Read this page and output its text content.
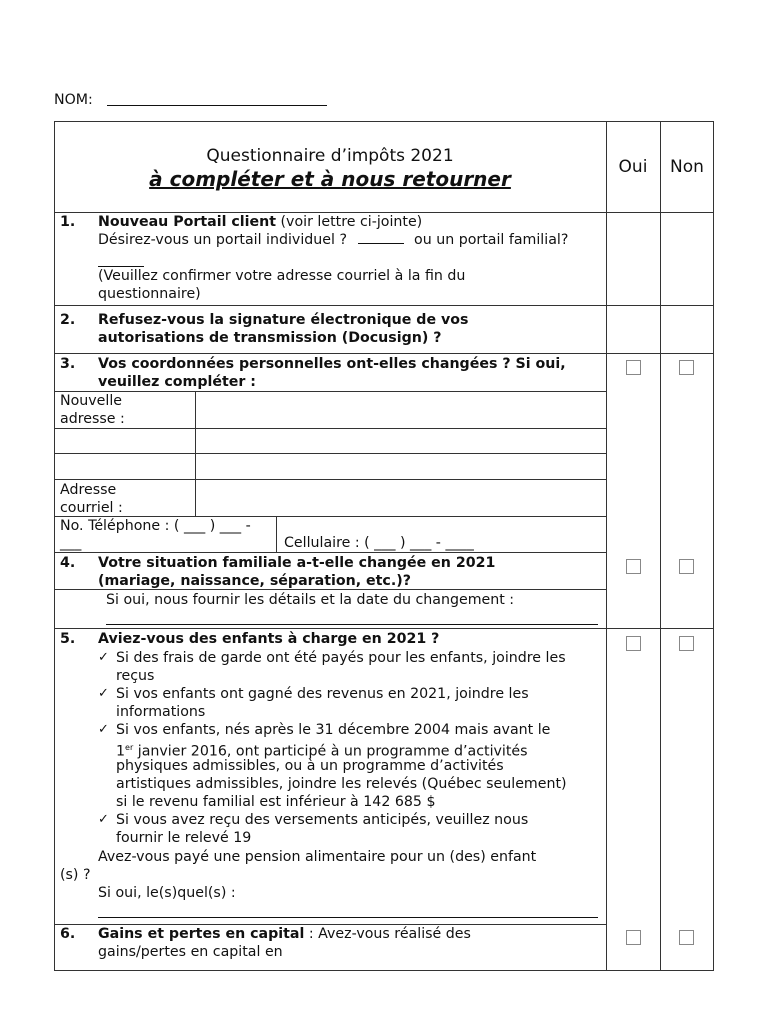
NOM:
Questionnaire d’impôts 2021
à compléter et à nous retourner	Oui	Non
1. Nouveau Portail client (voir lettre ci-jointe)
Désirez-vous un portail individuel ?	ou un portail familial?
(Veuillez confirmer votre adresse courriel à la fin du
questionnaire)
2. Refusez-vous la signature électronique de vos
autorisations de transmission (Docusign) ?
3. Vos coordonnées personnelles ont-elles changées ? Si oui,
veuillez compléter :
Nouvelle
adresse :
Adresse
courriel :
No. Téléphone : ( ___ ) ___ -
___	Cellulaire : ( ___ ) ___ - ____
4. Votre situation familiale a-t-elle changée en 2021
(mariage, naissance, séparation, etc.)?
Si oui, nous fournir les détails et la date du changement :
5. Aviez-vous des enfants à charge en 2021 ?
✓ Si des frais de garde ont été payés pour les enfants, joindre les
reçus
✓ Si vos enfants ont gagné des revenus en 2021, joindre les
informations
✓ Si vos enfants, nés après le 31 décembre 2004 mais avant le
1er janvier 2016, ont participé à un programme d’activités
physiques admissibles, ou à un programme d’activités
artistiques admissibles, joindre les relevés (Québec seulement)
si le revenu familial est inférieur à 142 685 $
✓ Si vous avez reçu des versements anticipés, veuillez nous
fournir le relevé 19
Avez-vous payé une pension alimentaire pour un (des) enfant
(s) ?
Si oui, le(s)quel(s) :
6. Gains et pertes en capital : Avez-vous réalisé des
gains/pertes en capital en
